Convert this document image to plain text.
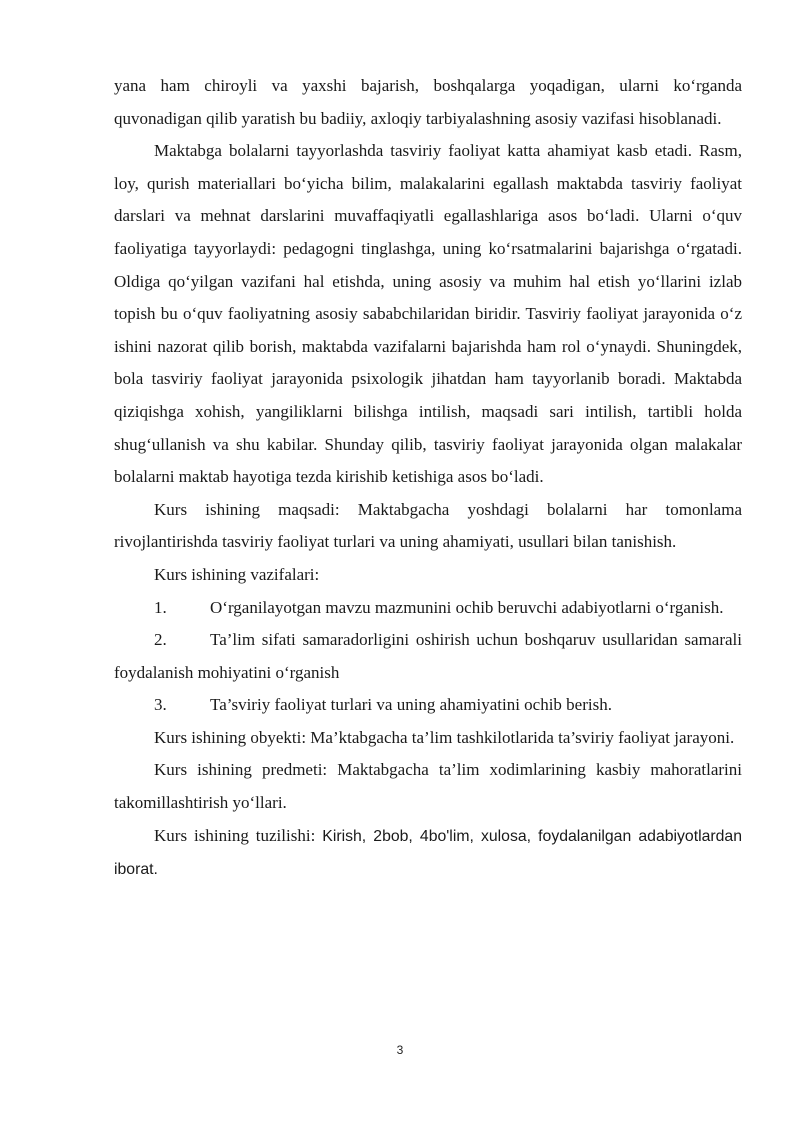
yana ham chiroyli va yaxshi bajarish, boshqalarga yoqadigan, ularni ko‘rganda quvonadigan qilib yaratish bu badiiy, axloqiy tarbiyalashning asosiy vazifasi hisoblanadi.

Maktabga bolalarni tayyorlashda tasviriy faoliyat katta ahamiyat kasb etadi. Rasm, loy, qurish materiallari bo‘yicha bilim, malakalarini egallash maktabda tasviriy faoliyat darslari va mehnat darslarini muvaffaqiyatli egallashlariga asos bo‘ladi. Ularni o‘quv faoliyatiga tayyorlaydi: pedagogni tinglashga, uning ko‘rsatmalarini bajarishga o‘rgatadi. Oldiga qo‘yilgan vazifani hal etishda, uning asosiy va muhim hal etish yo‘llarini izlab topish bu o‘quv faoliyatning asosiy sababchilaridan biridir. Tasviriy faoliyat jarayonida o‘z ishini nazorat qilib borish, maktabda vazifalarni bajarishda ham rol o‘ynaydi. Shuningdek, bola tasviriy faoliyat jarayonida psixologik jihatdan ham tayyorlanib boradi. Maktabda qiziqishga xohish, yangiliklarni bilishga intilish, maqsadi sari intilish, tartibli holda shug‘ullanish va shu kabilar. Shunday qilib, tasviriy faoliyat jarayonida olgan malakalar bolalarni maktab hayotiga tezda kirishib ketishiga asos bo‘ladi.

Kurs ishining maqsadi: Maktabgacha yoshdagi bolalarni har tomonlama rivojlantirishda tasviriy faoliyat turlari va uning ahamiyati, usullari bilan tanishish.

Kurs ishining vazifalari:

1.	O‘rganilayotgan mavzu mazmunini ochib beruvchi adabiyotlarni o‘rganish.

2.	Ta’lim sifati samaradorligini oshirish uchun boshqaruv usullaridan samarali      foydalanish mohiyatini o‘rganish

3.	Ta’sviriy faoliyat turlari va uning ahamiyatini ochib berish.

Kurs ishining obyekti: Ma’ktabgacha ta’lim tashkilotlarida ta’sviriy faoliyat jarayoni.

Kurs ishining predmeti: Maktabgacha ta’lim xodimlarining kasbiy mahoratlarini takomillashtirish yo‘llari.

Kurs ishining tuzilishi: Kirish, 2bob, 4bo'lim, xulosa, foydalanilgan adabiyotlardan iborat.

3
